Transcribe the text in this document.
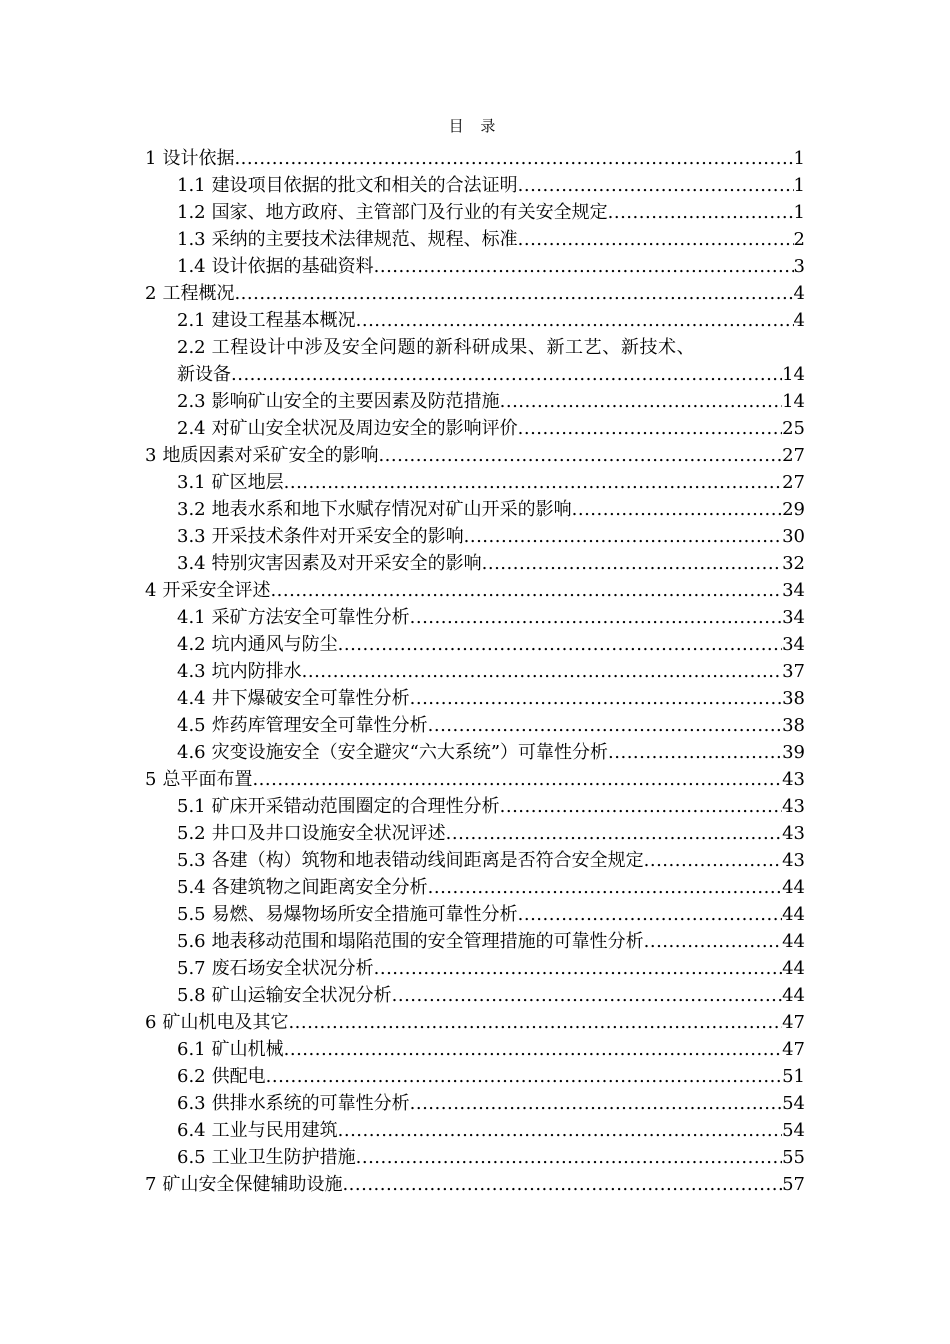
目 录
1 设计依据 .....	1
1.1 建设项目依据的批文和相关的合法证明 .....	1
1.2 国家、地方政府、主管部门及行业的有关安全规定 .....	1
1.3 采纳的主要技术法律规范、规程、标准 .....	2
1.4 设计依据的基础资料 .....	3
2 工程概况 .....	4
2.1 建设工程基本概况 .....	4
2.2 工程设计中涉及安全问题的新科研成果、新工艺、新技术、
新设备 .....	14
2.3 影响矿山安全的主要因素及防范措施 .....	14
2.4 对矿山安全状况及周边安全的影响评价 .....	25
3 地质因素对采矿安全的影响 .....	27
3.1 矿区地层 .....	27
3.2 地表水系和地下水赋存情况对矿山开采的影响 .....	29
3.3 开采技术条件对开采安全的影响 .....	30
3.4 特别灾害因素及对开采安全的影响 .....	32
4 开采安全评述 .....	34
4.1 采矿方法安全可靠性分析 .....	34
4.2 坑内通风与防尘 .....	34
4.3 坑内防排水 .....	37
4.4 井下爆破安全可靠性分析 .....	38
4.5 炸药库管理安全可靠性分析 .....	38
4.6 灾变设施安全（安全避灾“六大系统”）可靠性分析 .....	39
5 总平面布置 .....	43
5.1 矿床开采错动范围圈定的合理性分析 .....	43
5.2 井口及井口设施安全状况评述 .....	43
5.3 各建（构）筑物和地表错动线间距离是否符合安全规定 .....	43
5.4 各建筑物之间距离安全分析 .....	44
5.5 易燃、易爆物场所安全措施可靠性分析 .....	44
5.6 地表移动范围和塌陷范围的安全管理措施的可靠性分析 .....	44
5.7 废石场安全状况分析 .....	44
5.8 矿山运输安全状况分析 .....	44
6 矿山机电及其它 .....	47
6.1 矿山机械 .....	47
6.2 供配电 .....	51
6.3 供排水系统的可靠性分析 .....	54
6.4 工业与民用建筑 .....	54
6.5 工业卫生防护措施 .....	55
7 矿山安全保健辅助设施 .....	57
